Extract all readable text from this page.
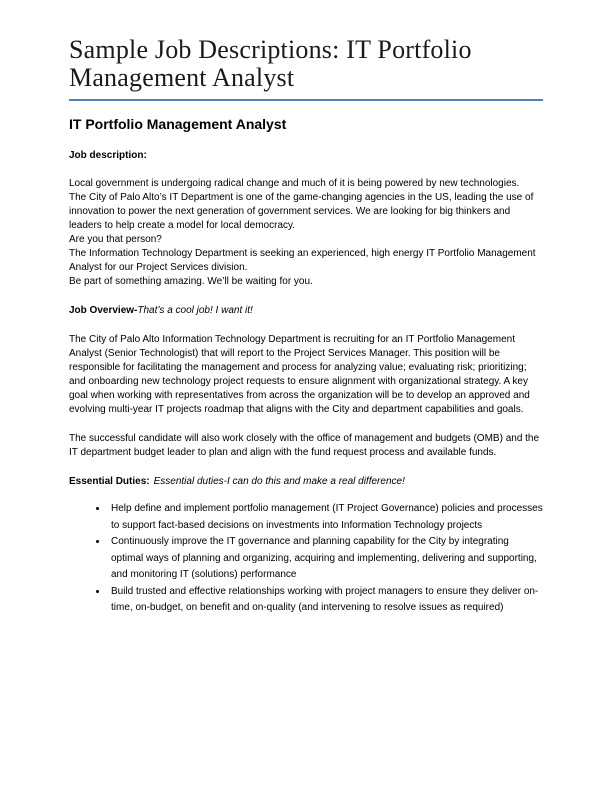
Sample Job Descriptions: IT Portfolio Management Analyst
IT Portfolio Management Analyst

Job description:

Local government is undergoing radical change and much of it is being powered by new technologies.

The City of Palo Alto’s IT Department is one of the game-changing agencies in the US, leading the use of innovation to power the next generation of government services. We are looking for big thinkers and leaders to help create a model for local democracy.

Are you that person?

The Information Technology Department is seeking an experienced, high energy IT Portfolio Management Analyst for our Project Services division.

Be part of something amazing. We’ll be waiting for you.

Job Overview-That’s a cool job! I want it!

The City of Palo Alto Information Technology Department is recruiting for an IT Portfolio Management Analyst (Senior Technologist) that will report to the Project Services Manager. This position will be responsible for facilitating the management and process for analyzing value; evaluating risk; prioritizing; and onboarding new technology project requests to ensure alignment with organizational strategy. A key goal when working with representatives from across the organization will be to develop an approved and evolving multi-year IT projects roadmap that aligns with the City and department capabilities and goals.

The successful candidate will also work closely with the office of management and budgets (OMB) and the IT department budget leader to plan and align with the fund request process and available funds.

Essential Duties: Essential duties-I can do this and make a real difference!

• Help define and implement portfolio management (IT Project Governance) policies and processes to support fact-based decisions on investments into Information Technology projects
• Continuously improve the IT governance and planning capability for the City by integrating optimal ways of planning and organizing, acquiring and implementing, delivering and supporting, and monitoring IT (solutions) performance
• Build trusted and effective relationships working with project managers to ensure they deliver on-time, on-budget, on benefit and on-quality (and intervening to resolve issues as required)
